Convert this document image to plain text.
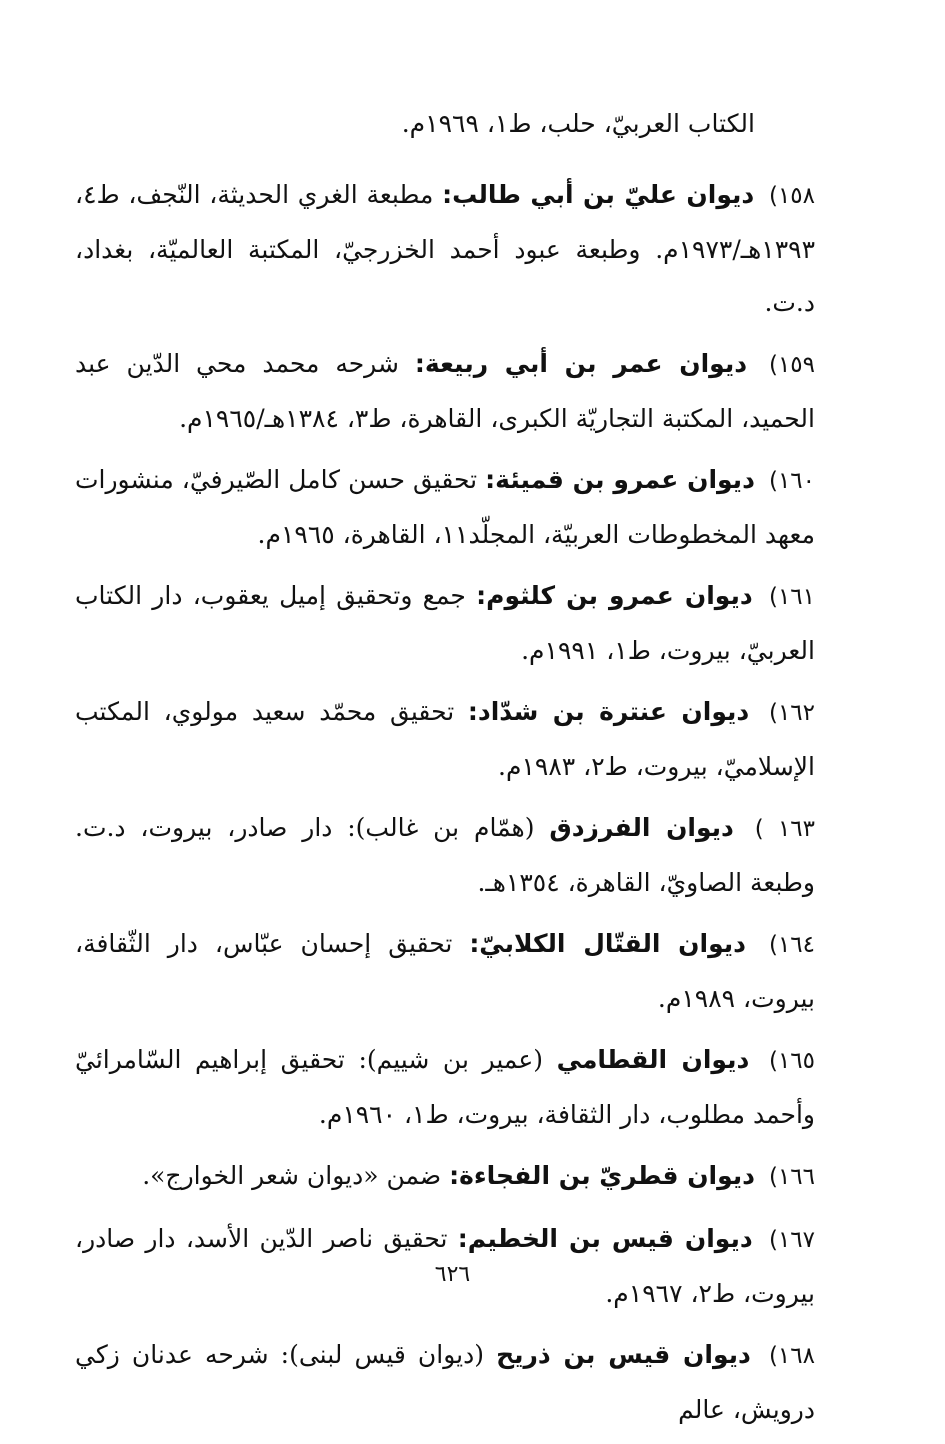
الكتاب العربيّ، حلب، ط١، ١٩٦٩م.

١٥٨) ديوان عليّ بن أبي طالب: مطبعة الغري الحديثة، النّجف، ط٤، ١٣٩٣هـ/١٩٧٣م. وطبعة عبود أحمد الخزرجيّ، المكتبة العالميّة، بغداد، د.ت.
١٥٩) ديوان عمر بن أبي ربيعة: شرحه محمد محي الدّين عبد الحميد، المكتبة التجاريّة الكبرى، القاهرة، ط٣، ١٣٨٤هـ/١٩٦٥م.
١٦٠) ديوان عمرو بن قميئة: تحقيق حسن كامل الصّيرفيّ، منشورات معهد المخطوطات العربيّة، المجلّد١١، القاهرة، ١٩٦٥م.
١٦١) ديوان عمرو بن كلثوم: جمع وتحقيق إميل يعقوب، دار الكتاب العربيّ، بيروت، ط١، ١٩٩١م.
١٦٢) ديوان عنترة بن شدّاد: تحقيق محمّد سعيد مولوي، المكتب الإسلاميّ، بيروت، ط٢، ١٩٨٣م.
١٦٣ ) ديوان الفرزدق (همّام بن غالب): دار صادر، بيروت، د.ت. وطبعة الصاويّ، القاهرة، ١٣٥٤هـ.
١٦٤) ديوان القتّال الكلابيّ: تحقيق إحسان عبّاس، دار الثّقافة، بيروت، ١٩٨٩م.
١٦٥) ديوان القطامي (عمير بن شييم): تحقيق إبراهيم السّامرائيّ وأحمد مطلوب، دار الثقافة، بيروت، ط١، ١٩٦٠م.
١٦٦) ديوان قطريّ بن الفجاءة: ضمن «ديوان شعر الخوارج».
١٦٧) ديوان قيس بن الخطيم: تحقيق ناصر الدّين الأسد، دار صادر، بيروت، ط٢، ١٩٦٧م.
١٦٨) ديوان قيس بن ذريح (ديوان قيس لبنى): شرحه عدنان زكي درويش، عالم

٦٢٦
